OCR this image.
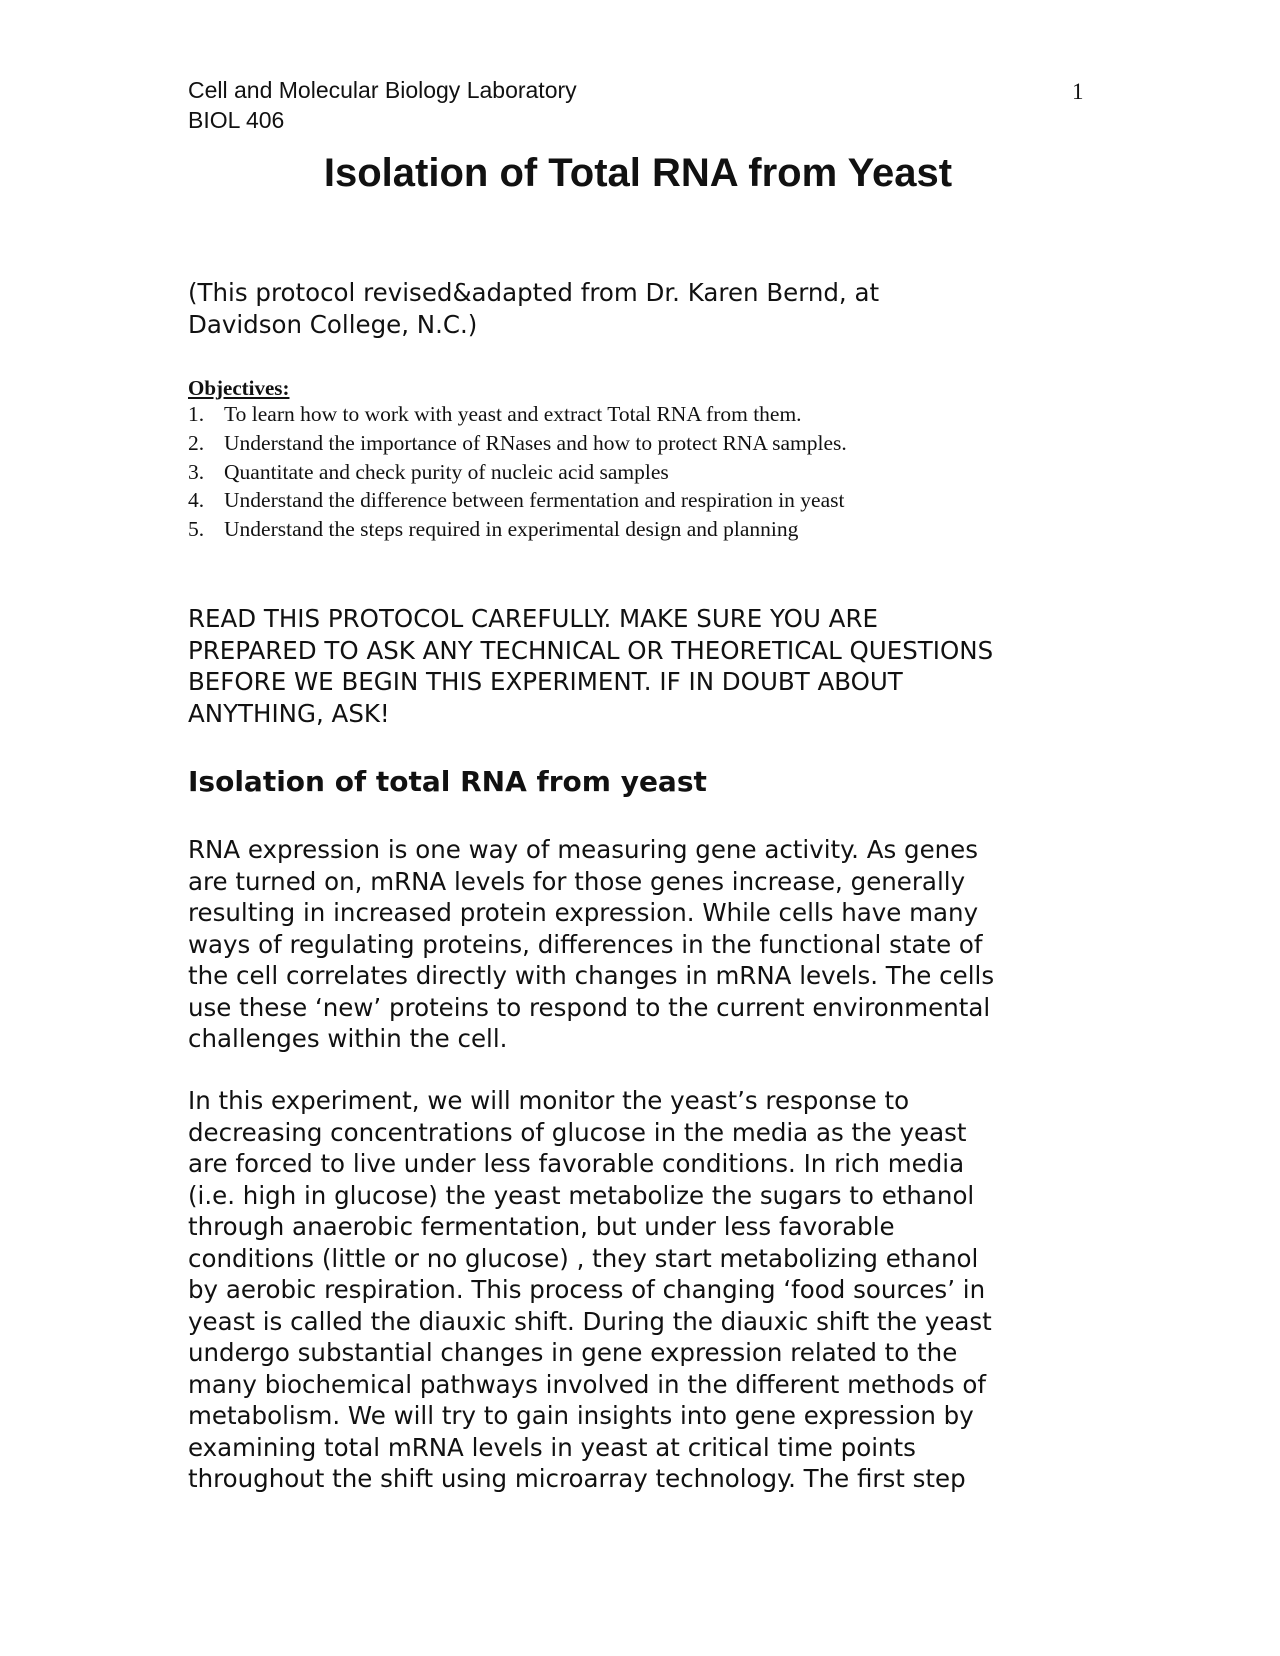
Cell and Molecular Biology Laboratory
BIOL 406
1
Isolation of Total RNA from Yeast
(This protocol revised&adapted from Dr. Karen Bernd, at
Davidson College, N.C.)
Objectives:
1. To learn how to work with yeast and extract Total RNA from them.
2. Understand the importance of RNases and how to protect RNA samples.
3. Quantitate and check purity of nucleic acid samples
4. Understand the difference between fermentation and respiration in yeast
5. Understand the steps required in experimental design and planning
READ THIS PROTOCOL CAREFULLY. MAKE SURE YOU ARE
PREPARED TO ASK ANY TECHNICAL OR THEORETICAL QUESTIONS
BEFORE WE BEGIN THIS EXPERIMENT. IF IN DOUBT ABOUT
ANYTHING, ASK!
Isolation of total RNA from yeast
RNA expression is one way of measuring gene activity. As genes
are turned on, mRNA levels for those genes increase, generally
resulting in increased protein expression. While cells have many
ways of regulating proteins, differences in the functional state of
the cell correlates directly with changes in mRNA levels. The cells
use these ‘new’ proteins to respond to the current environmental
challenges within the cell.
In this experiment, we will monitor the yeast’s response to
decreasing concentrations of glucose in the media as the yeast
are forced to live under less favorable conditions. In rich media
(i.e. high in glucose) the yeast metabolize the sugars to ethanol
through anaerobic fermentation, but under less favorable
conditions (little or no glucose) , they start metabolizing ethanol
by aerobic respiration. This process of changing ‘food sources’ in
yeast is called the diauxic shift. During the diauxic shift the yeast
undergo substantial changes in gene expression related to the
many biochemical pathways involved in the different methods of
metabolism. We will try to gain insights into gene expression by
examining total mRNA levels in yeast at critical time points
throughout the shift using microarray technology. The first step
